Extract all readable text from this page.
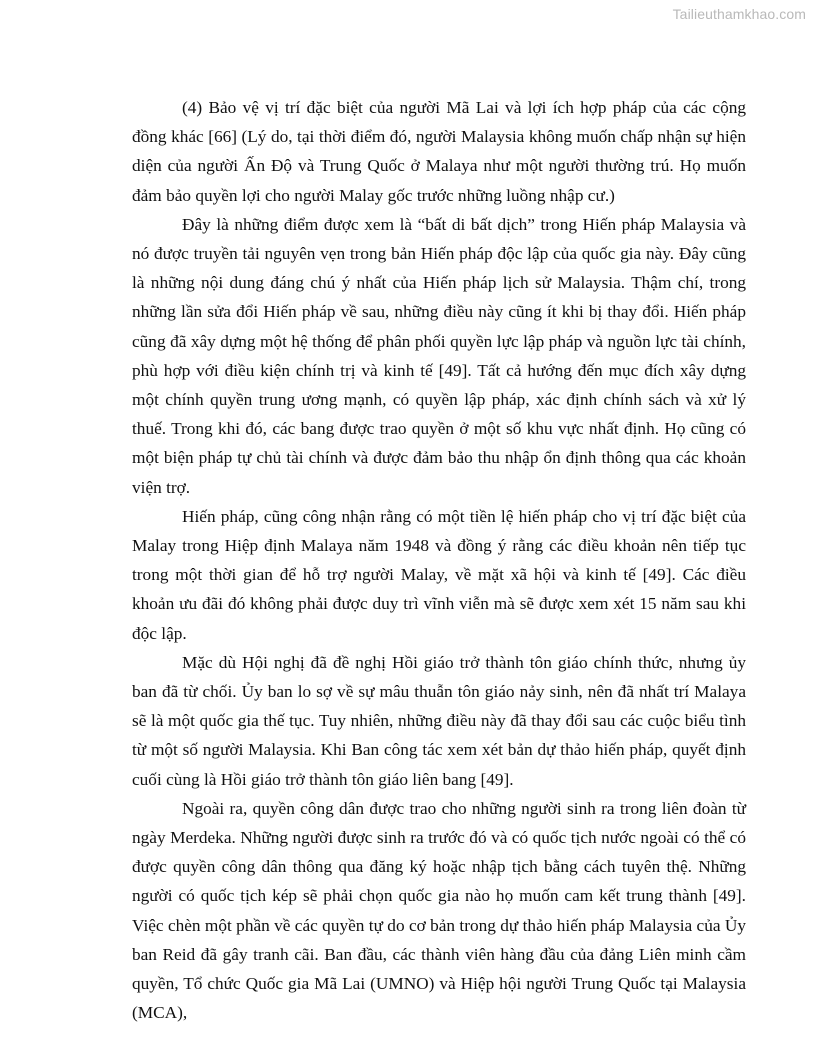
Tailieuthamkhao.com

(4) Bảo vệ vị trí đặc biệt của người Mã Lai và lợi ích hợp pháp của các cộng đồng khác [66] (Lý do, tại thời điểm đó, người Malaysia không muốn chấp nhận sự hiện diện của người Ấn Độ và Trung Quốc ở Malaya như một người thường trú. Họ muốn đảm bảo quyền lợi cho người Malay gốc trước những luồng nhập cư.)

Đây là những điểm được xem là “bất di bất dịch” trong Hiến pháp Malaysia và nó được truyền tải nguyên vẹn trong bản Hiến pháp độc lập của quốc gia này. Đây cũng là những nội dung đáng chú ý nhất của Hiến pháp lịch sử Malaysia. Thậm chí, trong những lần sửa đổi Hiến pháp về sau, những điều này cũng ít khi bị thay đổi. Hiến pháp cũng đã xây dựng một hệ thống để phân phối quyền lực lập pháp và nguồn lực tài chính, phù hợp với điều kiện chính trị và kinh tế [49]. Tất cả hướng đến mục đích xây dựng một chính quyền trung ương mạnh, có quyền lập pháp, xác định chính sách và xử lý thuế. Trong khi đó, các bang được trao quyền ở một số khu vực nhất định. Họ cũng có một biện pháp tự chủ tài chính và được đảm bảo thu nhập ổn định thông qua các khoản viện trợ.

Hiến pháp, cũng công nhận rằng có một tiền lệ hiến pháp cho vị trí đặc biệt của Malay trong Hiệp định Malaya năm 1948 và đồng ý rằng các điều khoản nên tiếp tục trong một thời gian để hỗ trợ người Malay, về mặt xã hội và kinh tế [49]. Các điều khoản ưu đãi đó không phải được duy trì vĩnh viễn mà sẽ được xem xét 15 năm sau khi độc lập.

Mặc dù Hội nghị đã đề nghị Hồi giáo trở thành tôn giáo chính thức, nhưng ủy ban đã từ chối. Ủy ban lo sợ về sự mâu thuẫn tôn giáo nảy sinh, nên đã nhất trí Malaya sẽ là một quốc gia thế tục. Tuy nhiên, những điều này đã thay đổi sau các cuộc biểu tình từ một số người Malaysia. Khi Ban công tác xem xét bản dự thảo hiến pháp, quyết định cuối cùng là Hồi giáo trở thành tôn giáo liên bang [49].

Ngoài ra, quyền công dân được trao cho những người sinh ra trong liên đoàn từ ngày Merdeka. Những người được sinh ra trước đó và có quốc tịch nước ngoài có thể có được quyền công dân thông qua đăng ký hoặc nhập tịch bằng cách tuyên thệ. Những người có quốc tịch kép sẽ phải chọn quốc gia nào họ muốn cam kết trung thành [49]. Việc chèn một phần về các quyền tự do cơ bản trong dự thảo hiến pháp Malaysia của Ủy ban Reid đã gây tranh cãi. Ban đầu, các thành viên hàng đầu của đảng Liên minh cầm quyền, Tổ chức Quốc gia Mã Lai (UMNO) và Hiệp hội người Trung Quốc tại Malaysia (MCA),
